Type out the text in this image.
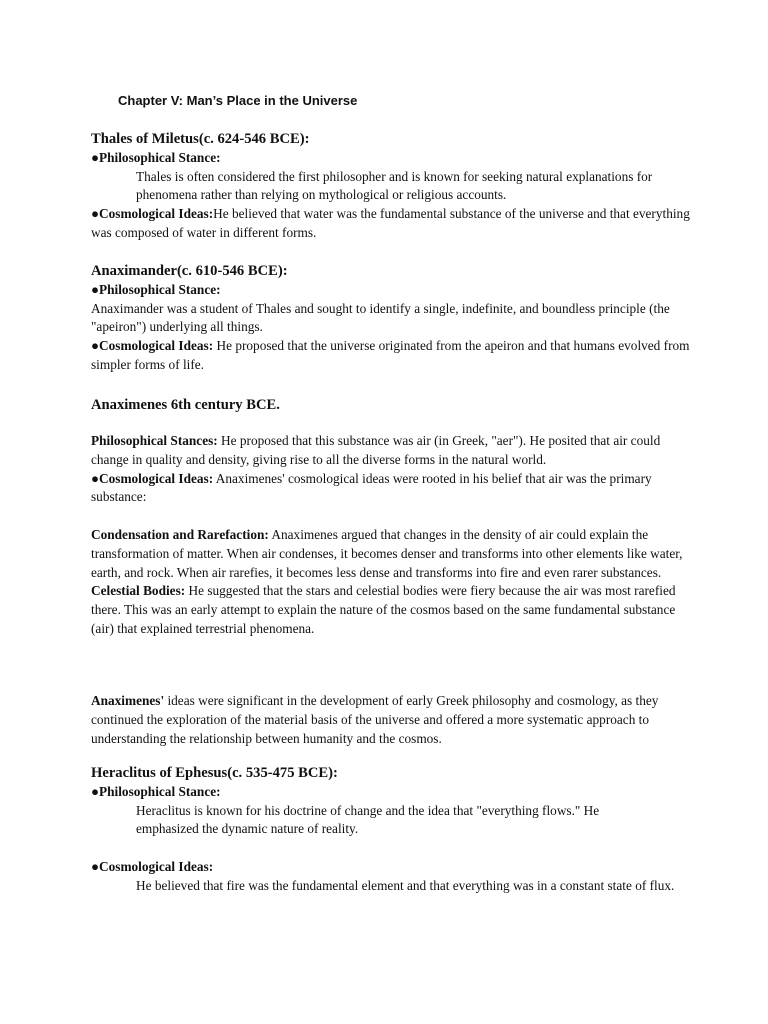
Chapter V: Man’s Place in the Universe

Thales of Miletus(c. 624-546 BCE):

●Philosophical Stance:

Thales is often considered the first philosopher and is known for seeking natural explanations for phenomena rather than relying on mythological or religious accounts.

●Cosmological Ideas:He believed that water was the fundamental substance of the universe and that everything was composed of water in different forms.

Anaximander(c. 610-546 BCE):

●Philosophical Stance:

Anaximander was a student of Thales and sought to identify a single, indefinite, and boundless principle (the "apeiron") underlying all things.

●Cosmological Ideas: He proposed that the universe originated from the apeiron and that humans evolved from simpler forms of life.

Anaximenes 6th century BCE.

Philosophical Stances: He proposed that this substance was air (in Greek, "aer"). He posited that air could change in quality and density, giving rise to all the diverse forms in the natural world.

●Cosmological Ideas: Anaximenes' cosmological ideas were rooted in his belief that air was the primary substance:

Condensation and Rarefaction: Anaximenes argued that changes in the density of air could explain the transformation of matter. When air condenses, it becomes denser and transforms into other elements like water, earth, and rock. When air rarefies, it becomes less dense and transforms into fire and even rarer substances.

Celestial Bodies: He suggested that the stars and celestial bodies were fiery because the air was most rarefied there. This was an early attempt to explain the nature of the cosmos based on the same fundamental substance (air) that explained terrestrial phenomena.

Anaximenes' ideas were significant in the development of early Greek philosophy and cosmology, as they continued the exploration of the material basis of the universe and offered a more systematic approach to understanding the relationship between humanity and the cosmos.

Heraclitus of Ephesus(c. 535-475 BCE):

●Philosophical Stance:

Heraclitus is known for his doctrine of change and the idea that "everything flows." He emphasized the dynamic nature of reality.

●Cosmological Ideas:

He believed that fire was the fundamental element and that everything was in a constant state of flux.
